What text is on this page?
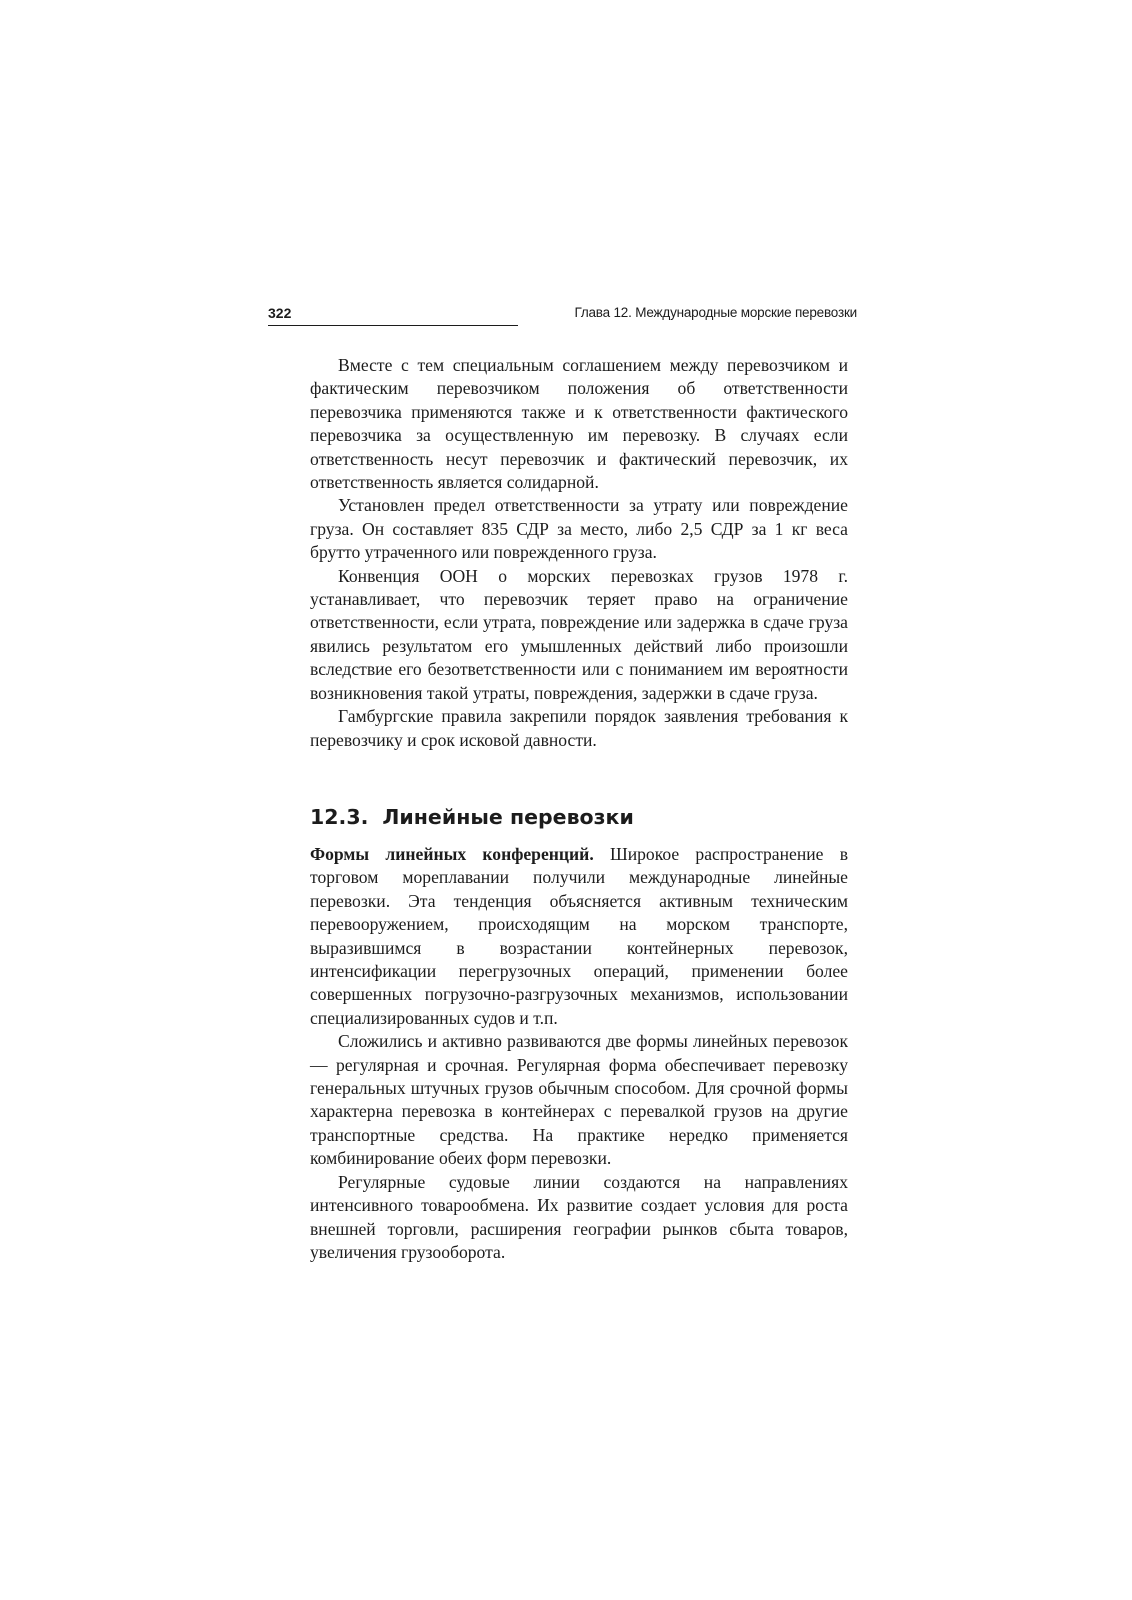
322	Глава 12. Международные морские перевозки

Вместе с тем специальным соглашением между перевозчиком и фактическим перевозчиком положения об ответственности перевозчика применяются также и к ответственности фактического перевозчика за осуществленную им перевозку. В случаях если ответственность несут перевозчик и фактический перевозчик, их ответственность является солидарной.

Установлен предел ответственности за утрату или повреждение груза. Он составляет 835 СДР за место, либо 2,5 СДР за 1 кг веса брутто утраченного или поврежденного груза.

Конвенция ООН о морских перевозках грузов 1978 г. устанавливает, что перевозчик теряет право на ограничение ответственности, если утрата, повреждение или задержка в сдаче груза явились результатом его умышленных действий либо произошли вследствие его безответственности или с пониманием им вероятности возникновения такой утраты, повреждения, задержки в сдаче груза.

Гамбургские правила закрепили порядок заявления требования к перевозчику и срок исковой давности.

12.3. Линейные перевозки

Формы линейных конференций. Широкое распространение в торговом мореплавании получили международные линейные перевозки. Эта тенденция объясняется активным техническим перевооружением, происходящим на морском транспорте, выразившимся в возрастании контейнерных перевозок, интенсификации перегрузочных операций, применении более совершенных погрузочно-разгрузочных механизмов, использовании специализированных судов и т.п.

Сложились и активно развиваются две формы линейных перевозок — регулярная и срочная. Регулярная форма обеспечивает перевозку генеральных штучных грузов обычным способом. Для срочной формы характерна перевозка в контейнерах с перевалкой грузов на другие транспортные средства. На практике нередко применяется комбинирование обеих форм перевозки.

Регулярные судовые линии создаются на направлениях интенсивного товарообмена. Их развитие создает условия для роста внешней торговли, расширения географии рынков сбыта товаров, увеличения грузооборота.
